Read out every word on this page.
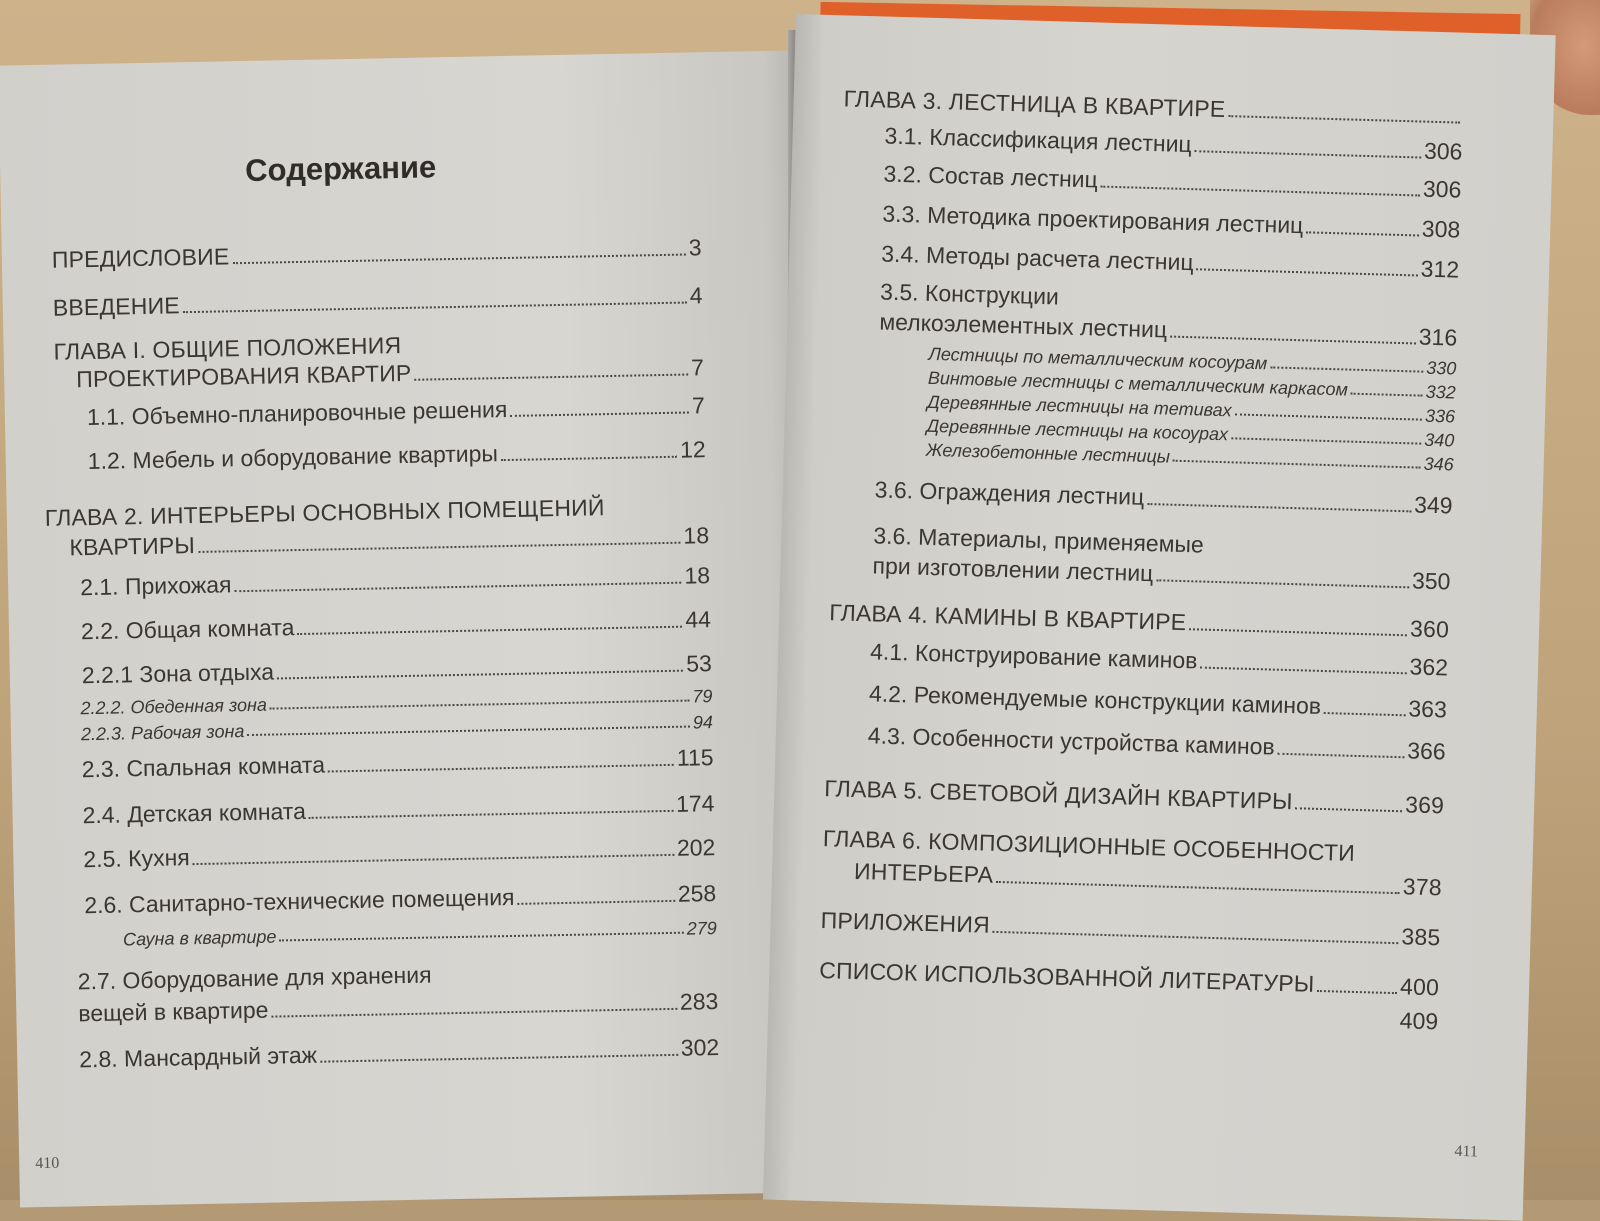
Содержание
ПРЕДИСЛОВИЕ	3
ВВЕДЕНИЕ	4
ГЛАВА I. ОБЩИЕ ПОЛОЖЕНИЯ
ПРОЕКТИРОВАНИЯ КВАРТИР	7
1.1. Объемно-планировочные решения	7
1.2. Мебель и оборудование квартиры	12
ГЛАВА 2. ИНТЕРЬЕРЫ ОСНОВНЫХ ПОМЕЩЕНИЙ
КВАРТИРЫ	18
2.1. Прихожая	18
2.2. Общая комната	44
2.2.1 Зона отдыха	53
2.2.2. Обеденная зона	79
2.2.3. Рабочая зона	94
2.3. Спальная комната	115
2.4. Детская комната	174
2.5. Кухня	202
2.6. Санитарно-технические помещения	258
Сауна в квартире	279
2.7. Оборудование для хранения
вещей в квартире	283
2.8. Мансардный этаж	302
410
ГЛАВА 3. ЛЕСТНИЦА В КВАРТИРЕ
3.1. Классификация лестниц	306
3.2. Состав лестниц	306
3.3. Методика проектирования лестниц	308
3.4. Методы расчета лестниц	312
3.5. Конструкции
мелкоэлементных лестниц	316
Лестницы по металлическим косоурам	330
Винтовые лестницы с металлическим каркасом	332
Деревянные лестницы на тетивах	336
Деревянные лестницы на косоурах	340
Железобетонные лестницы	346
3.6. Ограждения лестниц	349
3.6. Материалы, применяемые
при изготовлении лестниц	350
ГЛАВА 4. КАМИНЫ В КВАРТИРЕ	360
4.1. Конструирование каминов	362
4.2. Рекомендуемые конструкции каминов	363
4.3. Особенности устройства каминов	366
ГЛАВА 5. СВЕТОВОЙ ДИЗАЙН КВАРТИРЫ	369
ГЛАВА 6. КОМПОЗИЦИОННЫЕ ОСОБЕННОСТИ
ИНТЕРЬЕРА	378
ПРИЛОЖЕНИЯ	385
СПИСОК ИСПОЛЬЗОВАННОЙ ЛИТЕРАТУРЫ	400
409
411
